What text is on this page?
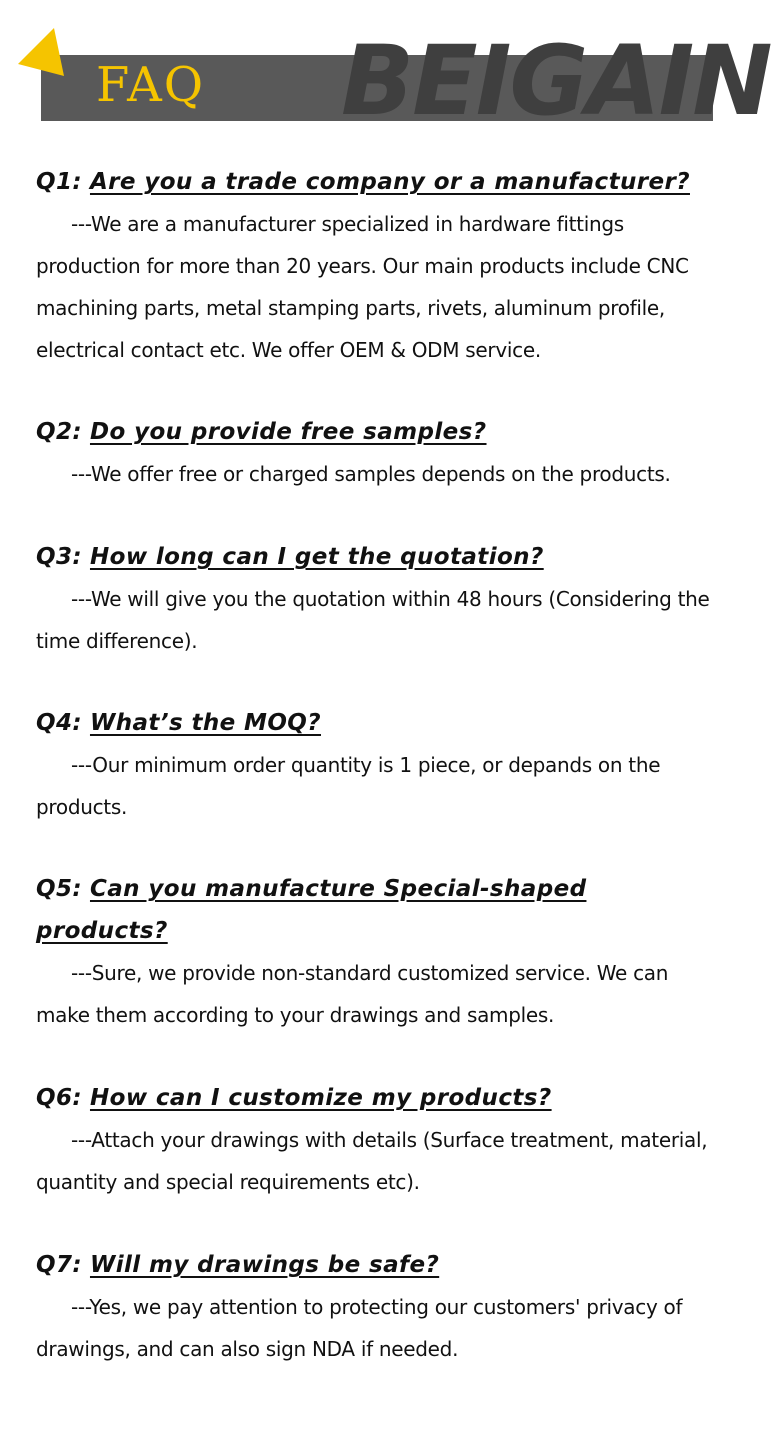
BEIGAIN
FAQ

Q1: Are you a trade company or a manufacturer?

---We are a manufacturer specialized in hardware fittings production for more than 20 years. Our main products include CNC machining parts, metal stamping parts, rivets, aluminum profile, electrical contact etc. We offer OEM & ODM service.

Q2: Do you provide free samples?

---We offer free or charged samples depends on the products.

Q3: How long can I get the quotation?

---We will give you the quotation within 48 hours (Considering the time difference).

Q4: What’s the MOQ?

---Our minimum order quantity is 1 piece, or depands on the products.

Q5: Can you manufacture Special-shaped products?

---Sure, we provide non-standard customized service. We can make them according to your drawings and samples.

Q6: How can I customize my products?

---Attach your drawings with details (Surface treatment, material, quantity and special requirements etc).

Q7: Will my drawings be safe?

---Yes, we pay attention to protecting our customers' privacy of drawings, and can also sign NDA if needed.
